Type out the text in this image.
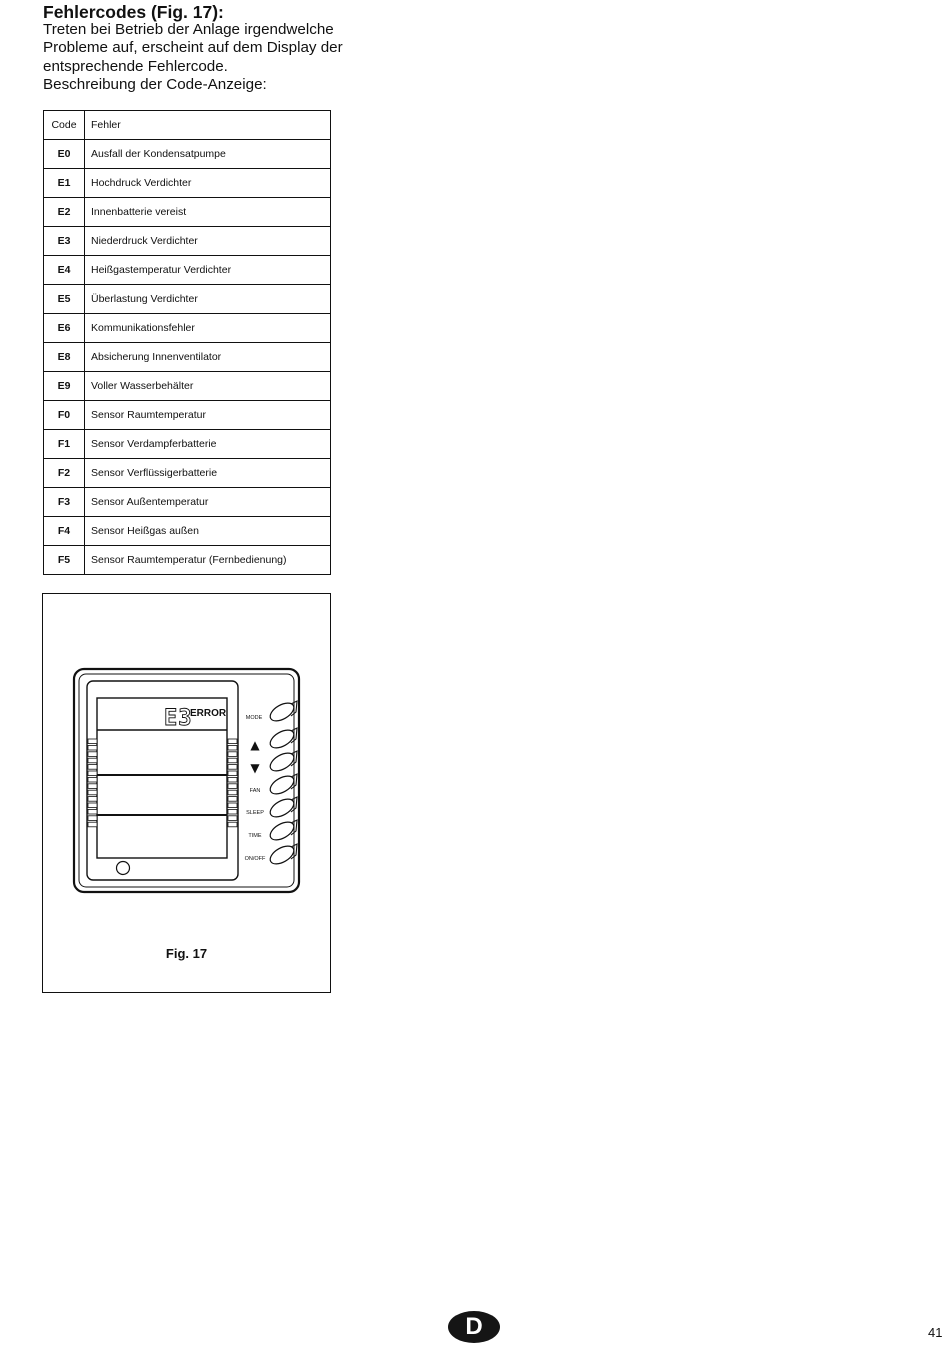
Fehlercodes (Fig. 17):
Treten bei Betrieb der Anlage irgendwelche
Probleme auf, erscheint auf dem Display der
entsprechende Fehlercode.
Beschreibung der Code-Anzeige:
Code	Fehler
E0	Ausfall der Kondensatpumpe
E1	Hochdruck Verdichter
E2	Innenbatterie vereist
E3	Niederdruck Verdichter
E4	Heißgastemperatur Verdichter
E5	Überlastung Verdichter
E6	Kommunikationsfehler
E8	Absicherung Innenventilator
E9	Voller Wasserbehälter
F0	Sensor Raumtemperatur
F1	Sensor Verdampferbatterie
F2	Sensor Verflüssigerbatterie
F3	Sensor Außentemperatur
F4	Sensor Heißgas außen
F5	Sensor Raumtemperatur (Fernbedienung)
E3
ERROR	MODE
▲
▼
FAN
SLEEP
TIME
ON/OFF
Fig. 17
D	41
